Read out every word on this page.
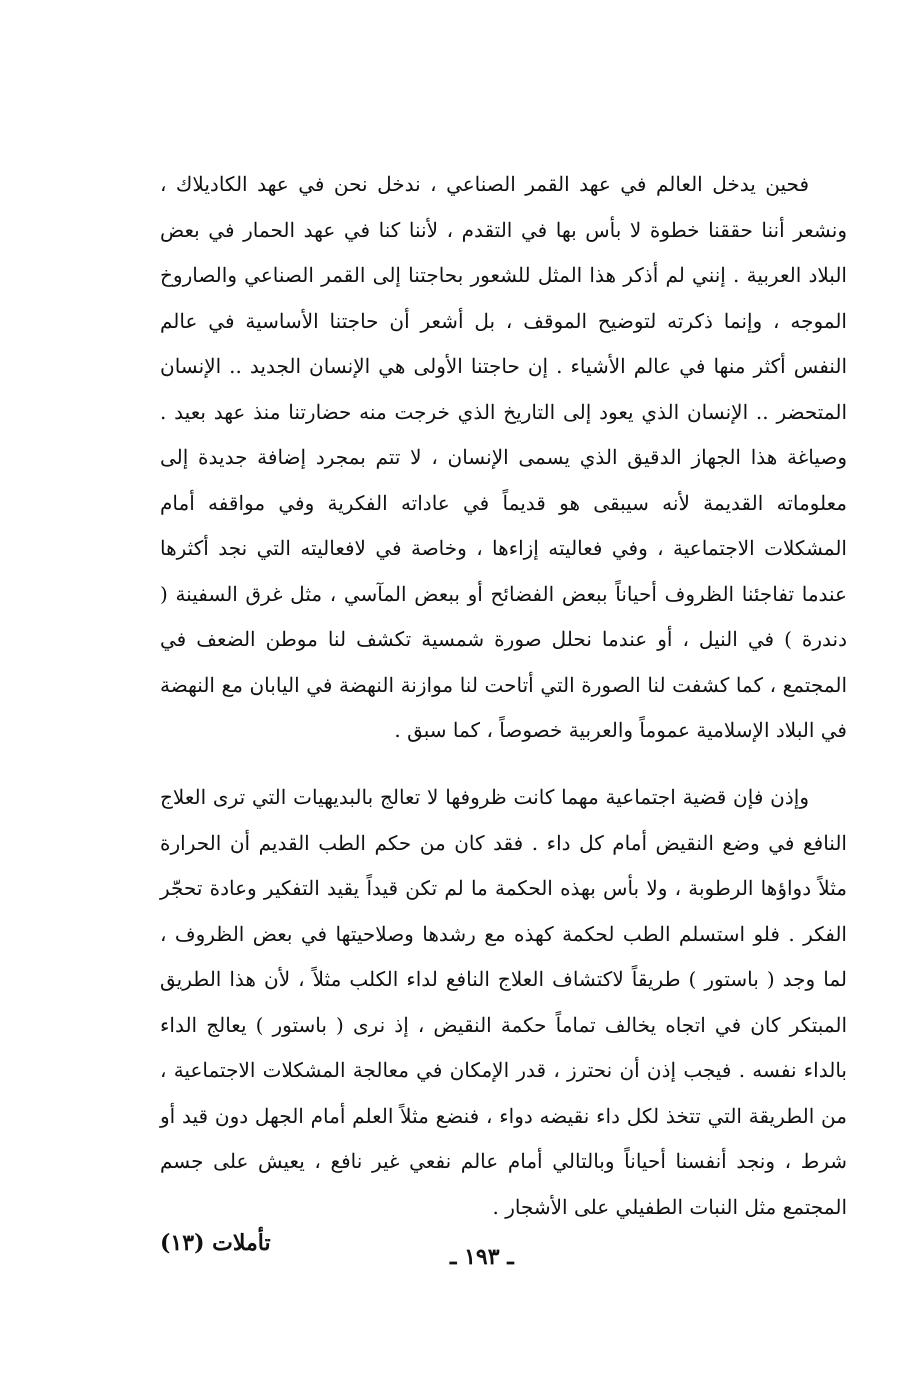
فحين يدخل العالم في عهد القمر الصناعي ، ندخل نحن في عهد الكاديلاك ، ونشعر أننا حققنا خطوة لا بأس بها في التقدم ، لأننا كنا في عهد الحمار في بعض البلاد العربية . إنني لم أذكر هذا المثل للشعور بحاجتنا إلى القمر الصناعي والصاروخ الموجه ، وإنما ذكرته لتوضيح الموقف ، بل أشعر أن حاجتنا الأساسية في عالم النفس أكثر منها في عالم الأشياء . إن حاجتنا الأولى هي الإنسان الجديد .. الإنسان المتحضر .. الإنسان الذي يعود إلى التاريخ الذي خرجت منه حضارتنا منذ عهد بعيد . وصياغة هذا الجهاز الدقيق الذي يسمى الإنسان ، لا تتم بمجرد إضافة جديدة إلى معلوماته القديمة لأنه سيبقى هو قديماً في عاداته الفكرية وفي مواقفه أمام المشكلات الاجتماعية ، وفي فعاليته إزاءها ، وخاصة في لافعاليته التي نجد أكثرها عندما تفاجئنا الظروف أحياناً ببعض الفضائح أو ببعض المآسي ، مثل غرق السفينة ( دندرة ) في النيل ، أو عندما نحلل صورة شمسية تكشف لنا موطن الضعف في المجتمع ، كما كشفت لنا الصورة التي أتاحت لنا موازنة النهضة في اليابان مع النهضة في البلاد الإسلامية عموماً والعربية خصوصاً ، كما سبق .

وإذن فإن قضية اجتماعية مهما كانت ظروفها لا تعالج بالبديهيات التي ترى العلاج النافع في وضع النقيض أمام كل داء . فقد كان من حكم الطب القديم أن الحرارة مثلاً دواؤها الرطوبة ، ولا بأس بهذه الحكمة ما لم تكن قيداً يقيد التفكير وعادة تحجّر الفكر . فلو استسلم الطب لحكمة كهذه مع رشدها وصلاحيتها في بعض الظروف ، لما وجد ( باستور ) طريقاً لاكتشاف العلاج النافع لداء الكلب مثلاً ، لأن هذا الطريق المبتكر كان في اتجاه يخالف تماماً حكمة النقيض ، إذ نرى ( باستور ) يعالج الداء بالداء نفسه . فيجب إذن أن نحترز ، قدر الإمكان في معالجة المشكلات الاجتماعية ، من الطريقة التي تتخذ لكل داء نقيضه دواء ، فنضع مثلاً العلم أمام الجهل دون قيد أو شرط ، ونجد أنفسنا أحياناً وبالتالي أمام عالم نفعي غير نافع ، يعيش على جسم المجتمع مثل النبات الطفيلي على الأشجار .

ـ ١٩٣ ـ
تأملات (١٣)
